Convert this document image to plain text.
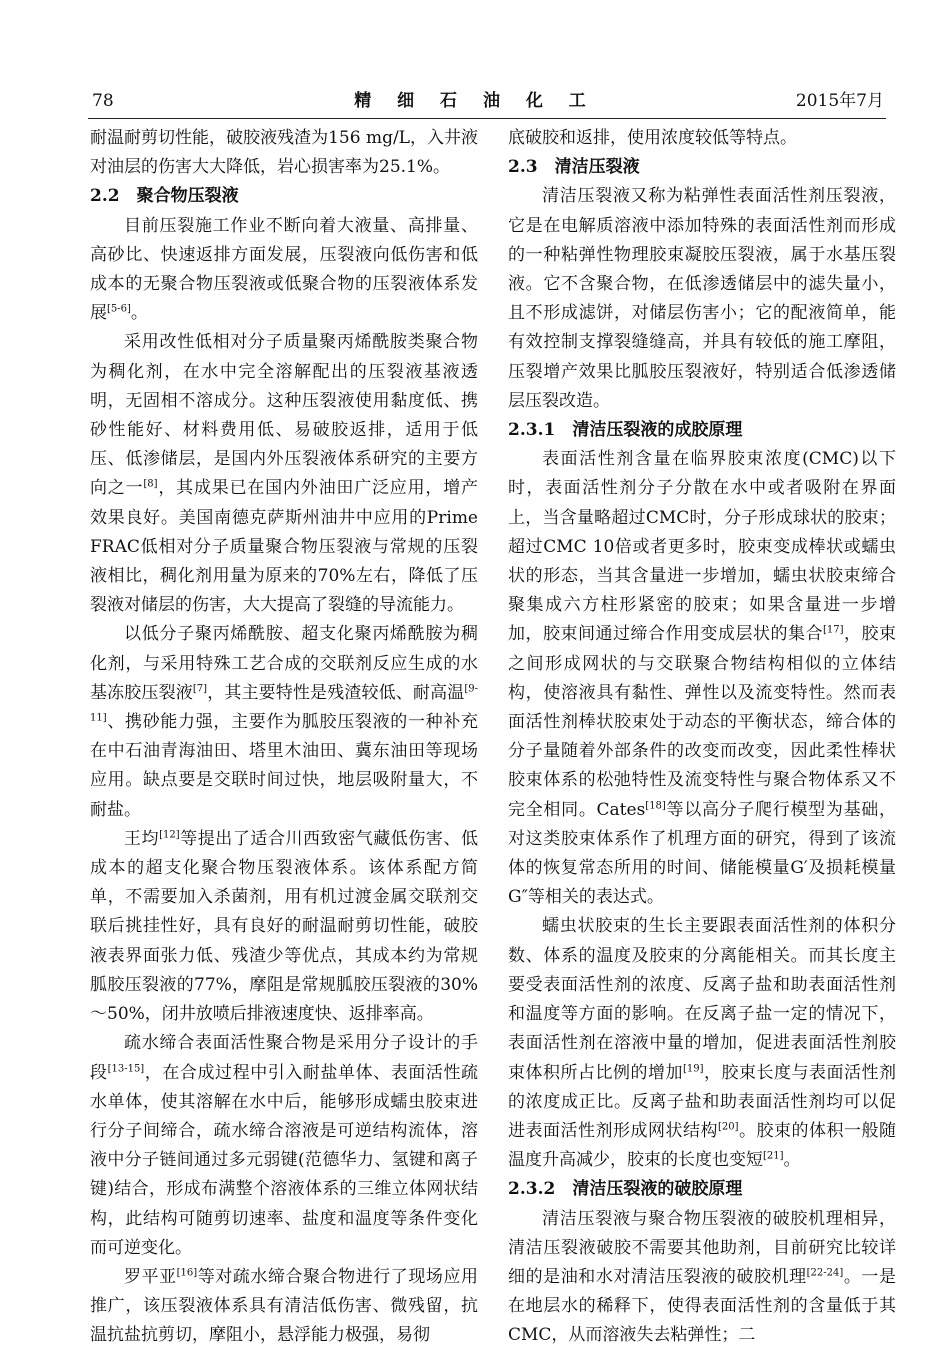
78	精 细 石 油 化 工	2015年7月

耐温耐剪切性能，破胶液残渣为156 mg/L，入井液对油层的伤害大大降低，岩心损害率为25.1%。

2.2　聚合物压裂液

目前压裂施工作业不断向着大液量、高排量、高砂比、快速返排方面发展，压裂液向低伤害和低成本的无聚合物压裂液或低聚合物的压裂液体系发展[5-6]。

采用改性低相对分子质量聚丙烯酰胺类聚合物为稠化剂，在水中完全溶解配出的压裂液基液透明，无固相不溶成分。这种压裂液使用黏度低、携砂性能好、材料费用低、易破胶返排，适用于低压、低渗储层，是国内外压裂液体系研究的主要方向之一[8]，其成果已在国内外油田广泛应用，增产效果良好。美国南德克萨斯州油井中应用的Prime FRAC低相对分子质量聚合物压裂液与常规的压裂液相比，稠化剂用量为原来的70%左右，降低了压裂液对储层的伤害，大大提高了裂缝的导流能力。

以低分子聚丙烯酰胺、超支化聚丙烯酰胺为稠化剂，与采用特殊工艺合成的交联剂反应生成的水基冻胶压裂液[7]，其主要特性是残渣较低、耐高温[9-11]、携砂能力强，主要作为胍胶压裂液的一种补充在中石油青海油田、塔里木油田、冀东油田等现场应用。缺点要是交联时间过快，地层吸附量大，不耐盐。

王均[12]等提出了适合川西致密气藏低伤害、低成本的超支化聚合物压裂液体系。该体系配方简单，不需要加入杀菌剂，用有机过渡金属交联剂交联后挑挂性好，具有良好的耐温耐剪切性能，破胶液表界面张力低、残渣少等优点，其成本约为常规胍胶压裂液的77%，摩阻是常规胍胶压裂液的30%～50%，闭井放喷后排液速度快、返排率高。

疏水缔合表面活性聚合物是采用分子设计的手段[13-15]，在合成过程中引入耐盐单体、表面活性疏水单体，使其溶解在水中后，能够形成蠕虫胶束进行分子间缔合，疏水缔合溶液是可逆结构流体，溶液中分子链间通过多元弱键(范德华力、氢键和离子键)结合，形成布满整个溶液体系的三维立体网状结构，此结构可随剪切速率、盐度和温度等条件变化而可逆变化。

罗平亚[16]等对疏水缔合聚合物进行了现场应用推广，该压裂液体系具有清洁低伤害、微残留，抗温抗盐抗剪切，摩阻小，悬浮能力极强，易彻

底破胶和返排，使用浓度较低等特点。

2.3　清洁压裂液

清洁压裂液又称为粘弹性表面活性剂压裂液，它是在电解质溶液中添加特殊的表面活性剂而形成的一种粘弹性物理胶束凝胶压裂液，属于水基压裂液。它不含聚合物，在低渗透储层中的滤失量小，且不形成滤饼，对储层伤害小；它的配液简单，能有效控制支撑裂缝缝高，并具有较低的施工摩阻，压裂增产效果比胍胶压裂液好，特别适合低渗透储层压裂改造。

2.3.1　清洁压裂液的成胶原理

表面活性剂含量在临界胶束浓度(CMC)以下时，表面活性剂分子分散在水中或者吸附在界面上，当含量略超过CMC时，分子形成球状的胶束；超过CMC 10倍或者更多时，胶束变成棒状或蠕虫状的形态，当其含量进一步增加，蠕虫状胶束缔合聚集成六方柱形紧密的胶束；如果含量进一步增加，胶束间通过缔合作用变成层状的集合[17]，胶束之间形成网状的与交联聚合物结构相似的立体结构，使溶液具有黏性、弹性以及流变特性。然而表面活性剂棒状胶束处于动态的平衡状态，缔合体的分子量随着外部条件的改变而改变，因此柔性棒状胶束体系的松弛特性及流变特性与聚合物体系又不完全相同。Cates[18]等以高分子爬行模型为基础，对这类胶束体系作了机理方面的研究，得到了该流体的恢复常态所用的时间、储能模量G′及损耗模量G″等相关的表达式。

蠕虫状胶束的生长主要跟表面活性剂的体积分数、体系的温度及胶束的分离能相关。而其长度主要受表面活性剂的浓度、反离子盐和助表面活性剂和温度等方面的影响。在反离子盐一定的情况下，表面活性剂在溶液中量的增加，促进表面活性剂胶束体积所占比例的增加[19]，胶束长度与表面活性剂的浓度成正比。反离子盐和助表面活性剂均可以促进表面活性剂形成网状结构[20]。胶束的体积一般随温度升高减少，胶束的长度也变短[21]。

2.3.2　清洁压裂液的破胶原理

清洁压裂液与聚合物压裂液的破胶机理相异，清洁压裂液破胶不需要其他助剂，目前研究比较详细的是油和水对清洁压裂液的破胶机理[22-24]。一是在地层水的稀释下，使得表面活性剂的含量低于其CMC，从而溶液失去粘弹性；二
